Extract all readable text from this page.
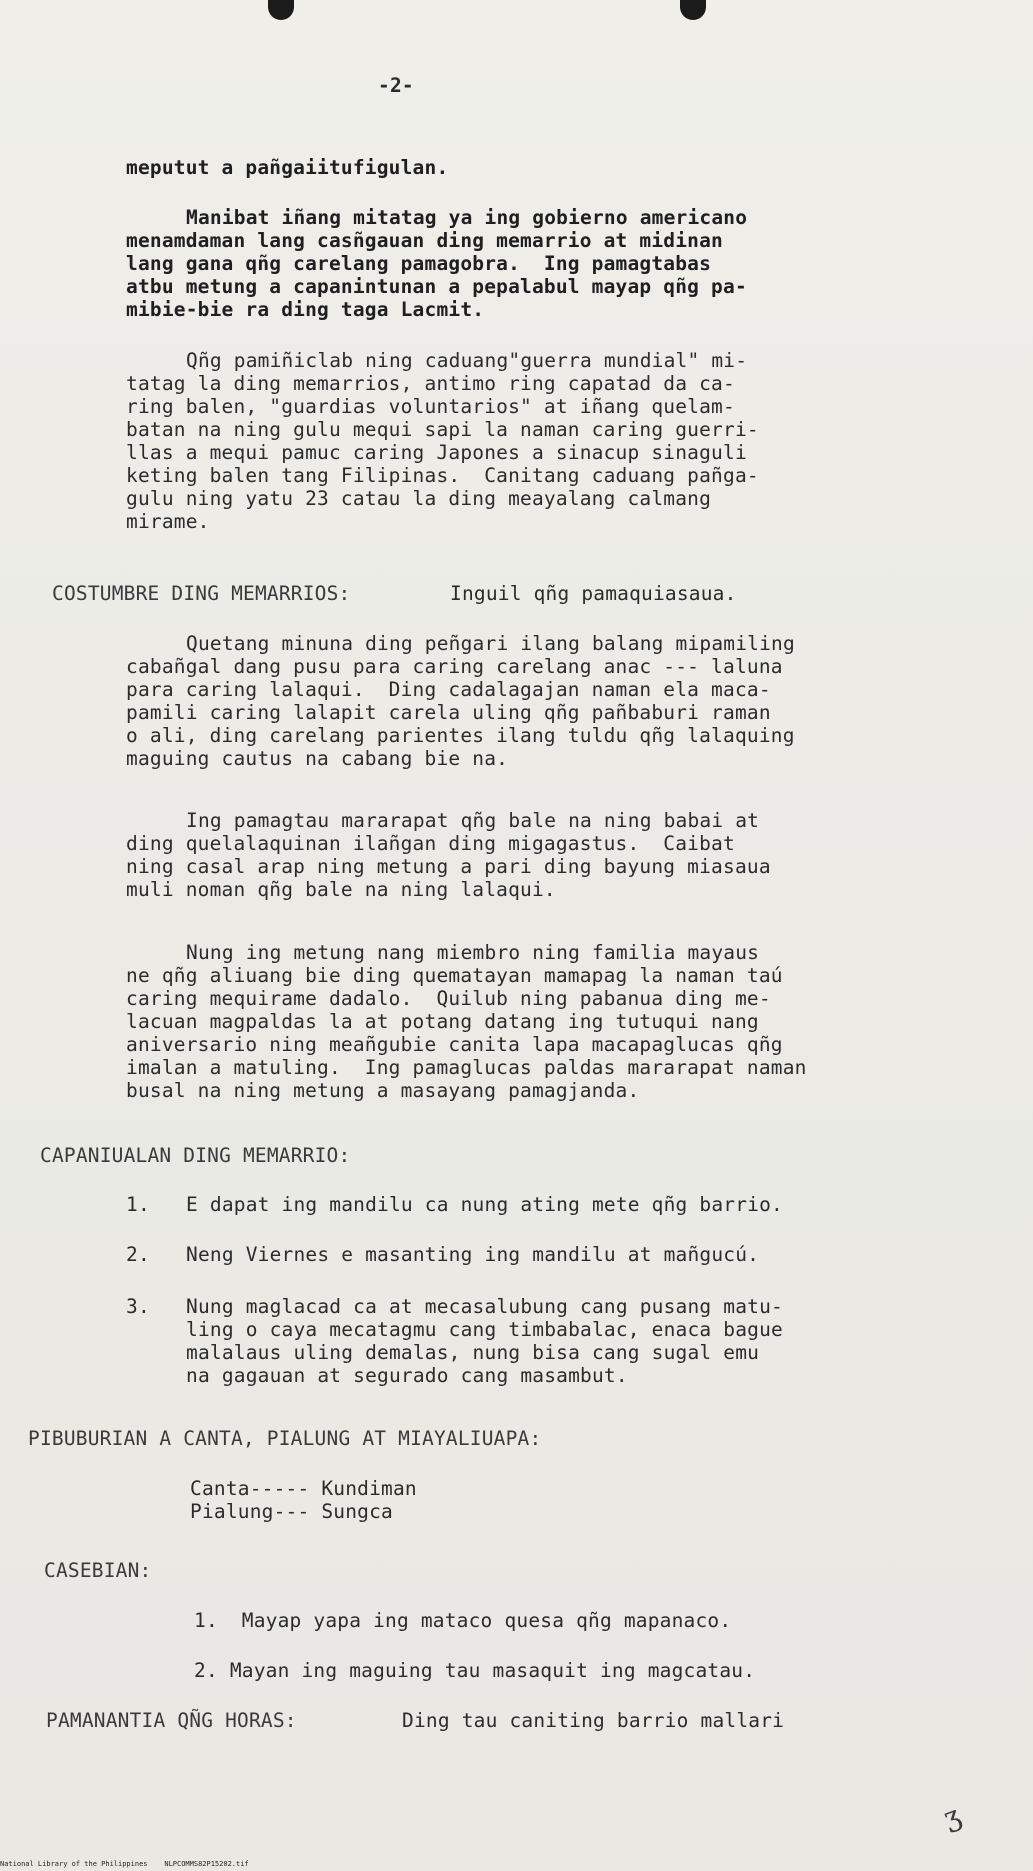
-2-
meputut a pañgaiitufigulan.
Manibat iñang mitatag ya ing gobierno americano
menamdaman lang casñgauan ding memarrio at midinan
lang gana qñg carelang pamagobra.  Ing pamagtabas
atbu metung a capanintunan a pepalabul mayap qñg pa-
mibie-bie ra ding taga Lacmit.
Qñg pamiñiclab ning caduang"guerra mundial" mi-
tatag la ding memarrios, antimo ring capatad da ca-
ring balen, "guardias voluntarios" at iñang quelam-
batan na ning gulu mequi sapi la naman caring guerri-
llas a mequi pamuc caring Japones a sinacup sinaguli
keting balen tang Filipinas.  Canitang caduang pañga-
gulu ning yatu 23 catau la ding meayalang calmang
mirame.
COSTUMBRE DING MEMARRIOS:	Inguil qñg pamaquiasaua.
Quetang minuna ding peñgari ilang balang mipamiling
cabañgal dang pusu para caring carelang anac --- laluna
para caring lalaqui.  Ding cadalagajan naman ela maca-
pamili caring lalapit carela uling qñg pañbaburi raman
o ali, ding carelang parientes ilang tuldu qñg lalaquing
maguing cautus na cabang bie na.
Ing pamagtau mararapat qñg bale na ning babai at
ding quelalaquinan ilañgan ding migagastus.  Caibat
ning casal arap ning metung a pari ding bayung miasaua
muli noman qñg bale na ning lalaqui.
Nung ing metung nang miembro ning familia mayaus
ne qñg aliuang bie ding quematayan mamapag la naman taú
caring mequirame dadalo.  Quilub ning pabanua ding me-
lacuan magpaldas la at potang datang ing tutuqui nang
aniversario ning meañgubie canita lapa macapaglucas qñg
imalan a matuling.  Ing pamaglucas paldas mararapat naman
busal na ning metung a masayang pamagjanda.
CAPANIUALAN DING MEMARRIO:
1. E dapat ing mandilu ca nung ating mete qñg barrio.
2. Neng Viernes e masanting ing mandilu at mañgucú.
3. Nung maglacad ca at mecasalubung cang pusang matu-
ling o caya mecatagmu cang timbabalac, enaca bague
malalaus uling demalas, nung bisa cang sugal emu
na gagauan at segurado cang masambut.
PIBUBURIAN A CANTA, PIALUNG AT MIAYALIUAPA:
Canta----- Kundiman
Pialung--- Sungca
CASEBIAN:
1.  Mayap yapa ing mataco quesa qñg mapanaco.
2. Mayan ing maguing tau masaquit ing magcatau.
PAMANANTIA QÑG HORAS:	Ding tau caniting barrio mallari
ʒ
National Library of the Philippines    NLPCOMMS82P15202.tif
